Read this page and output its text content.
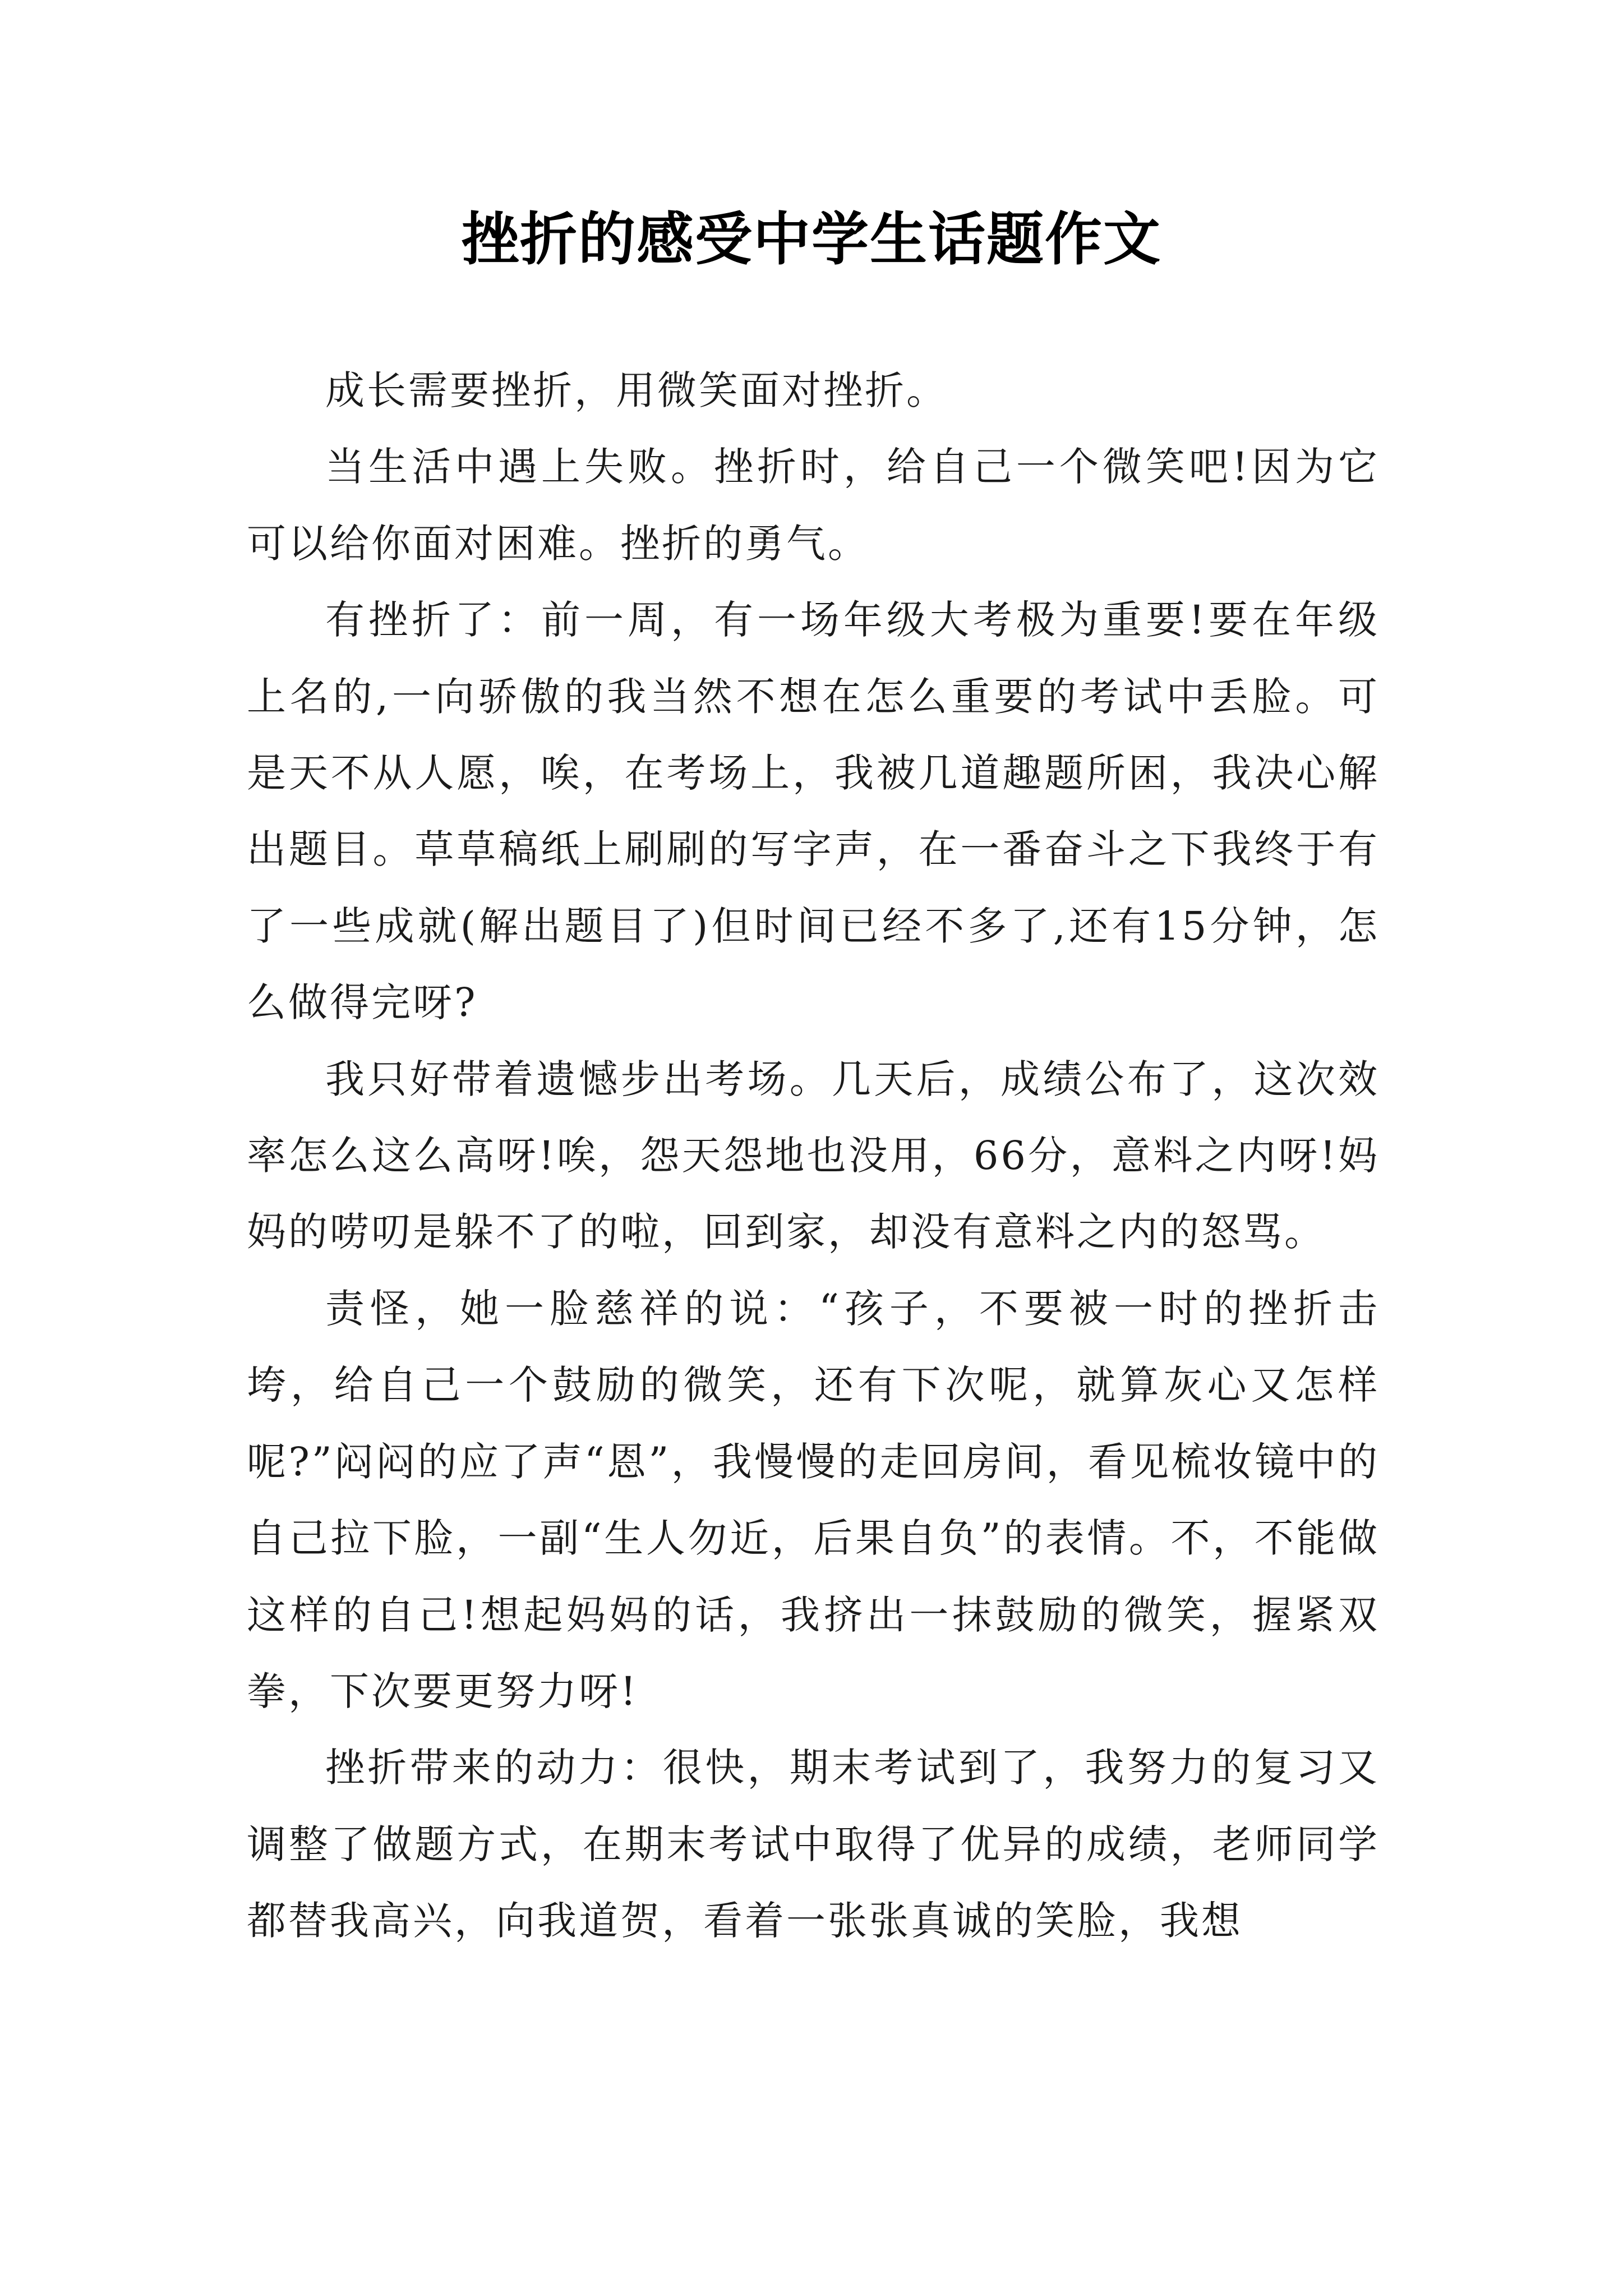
挫折的感受中学生话题作文

成长需要挫折，用微笑面对挫折。

当生活中遇上失败。挫折时，给自己一个微笑吧!因为它可以给你面对困难。挫折的勇气。

有挫折了：前一周，有一场年级大考极为重要!要在年级上名的,一向骄傲的我当然不想在怎么重要的考试中丢脸。可是天不从人愿，唉，在考场上，我被几道趣题所困，我决心解出题目。草草稿纸上刷刷的写字声，在一番奋斗之下我终于有了一些成就(解出题目了)但时间已经不多了,还有15分钟，怎么做得完呀?

我只好带着遗憾步出考场。几天后，成绩公布了，这次效率怎么这么高呀!唉，怨天怨地也没用，66分，意料之内呀!妈妈的唠叨是躲不了的啦，回到家，却没有意料之内的怒骂。

责怪，她一脸慈祥的说：“孩子，不要被一时的挫折击垮，给自己一个鼓励的微笑，还有下次呢，就算灰心又怎样呢?”闷闷的应了声“恩”，我慢慢的走回房间，看见梳妆镜中的自己拉下脸，一副“生人勿近，后果自负”的表情。不，不能做这样的自己!想起妈妈的话，我挤出一抹鼓励的微笑，握紧双拳，下次要更努力呀!

挫折带来的动力：很快，期末考试到了，我努力的复习又调整了做题方式，在期末考试中取得了优异的成绩，老师同学都替我高兴，向我道贺，看着一张张真诚的笑脸，我想
